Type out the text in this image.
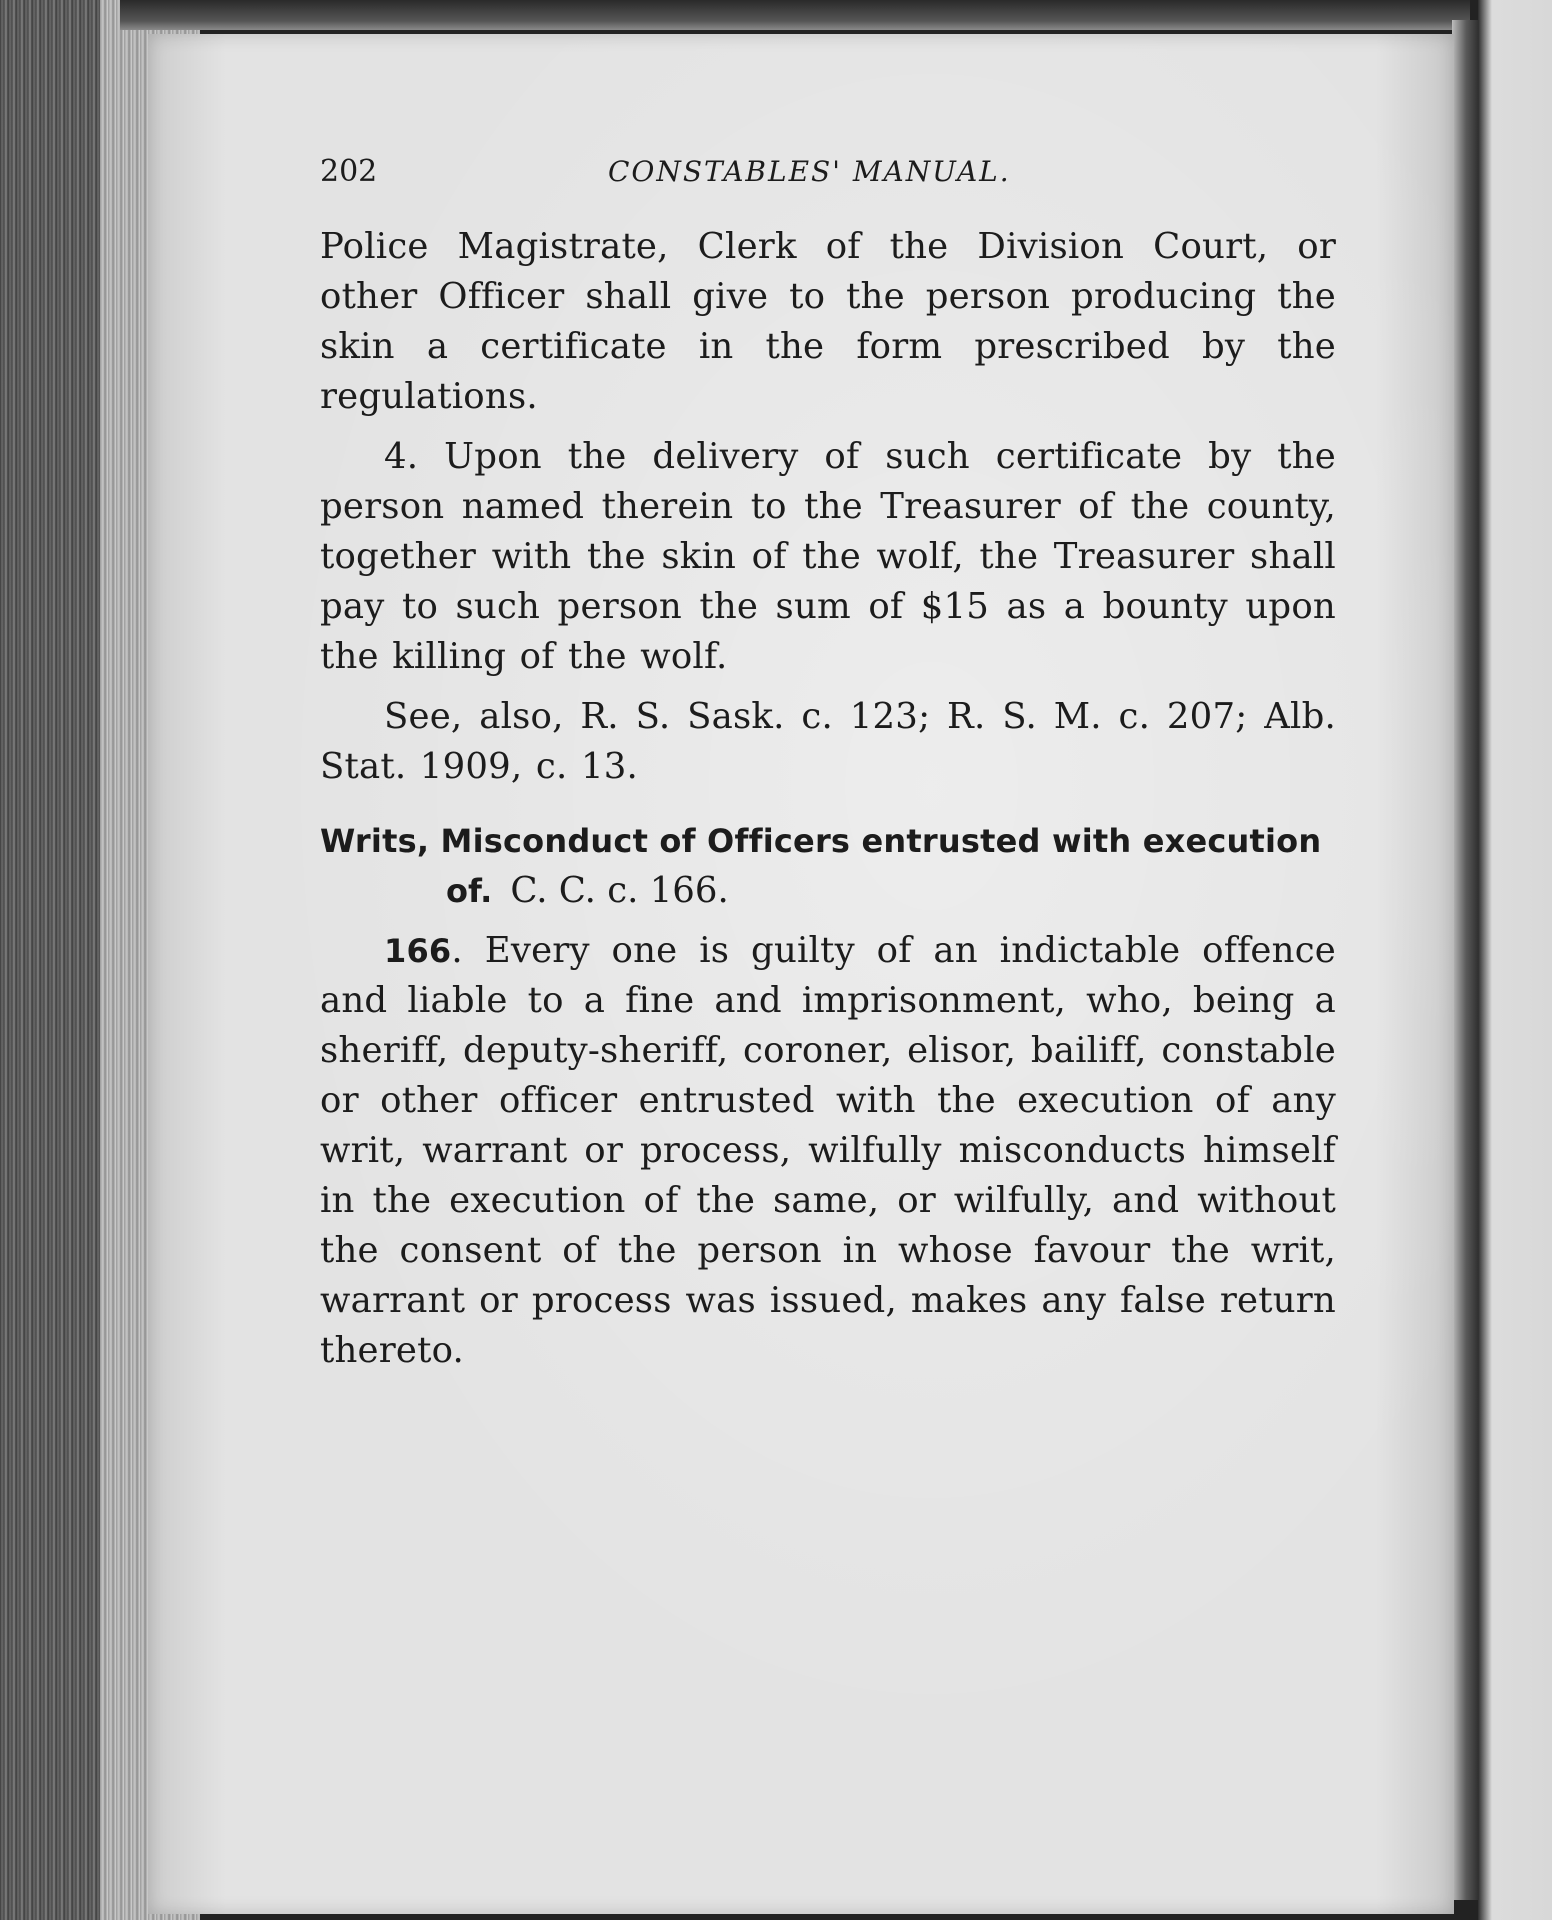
202	CONSTABLES' MANUAL.

Police Magistrate, Clerk of the Division Court, or other Officer shall give to the person producing the skin a certificate in the form prescribed by the regulations.

4. Upon the delivery of such certificate by the person named therein to the Treasurer of the county, together with the skin of the wolf, the Treasurer shall pay to such person the sum of $15 as a bounty upon the killing of the wolf.

See, also, R. S. Sask. c. 123; R. S. M. c. 207; Alb. Stat. 1909, c. 13.

Writs, Misconduct of Officers entrusted with execution
of. C. C. c. 166.

166. Every one is guilty of an indictable offence and liable to a fine and imprisonment, who, being a sheriff, deputy-sheriff, coroner, elisor, bailiff, constable or other officer entrusted with the execution of any writ, warrant or process, wilfully misconducts himself in the execution of the same, or wilfully, and without the consent of the person in whose favour the writ, warrant or process was issued, makes any false return thereto.
